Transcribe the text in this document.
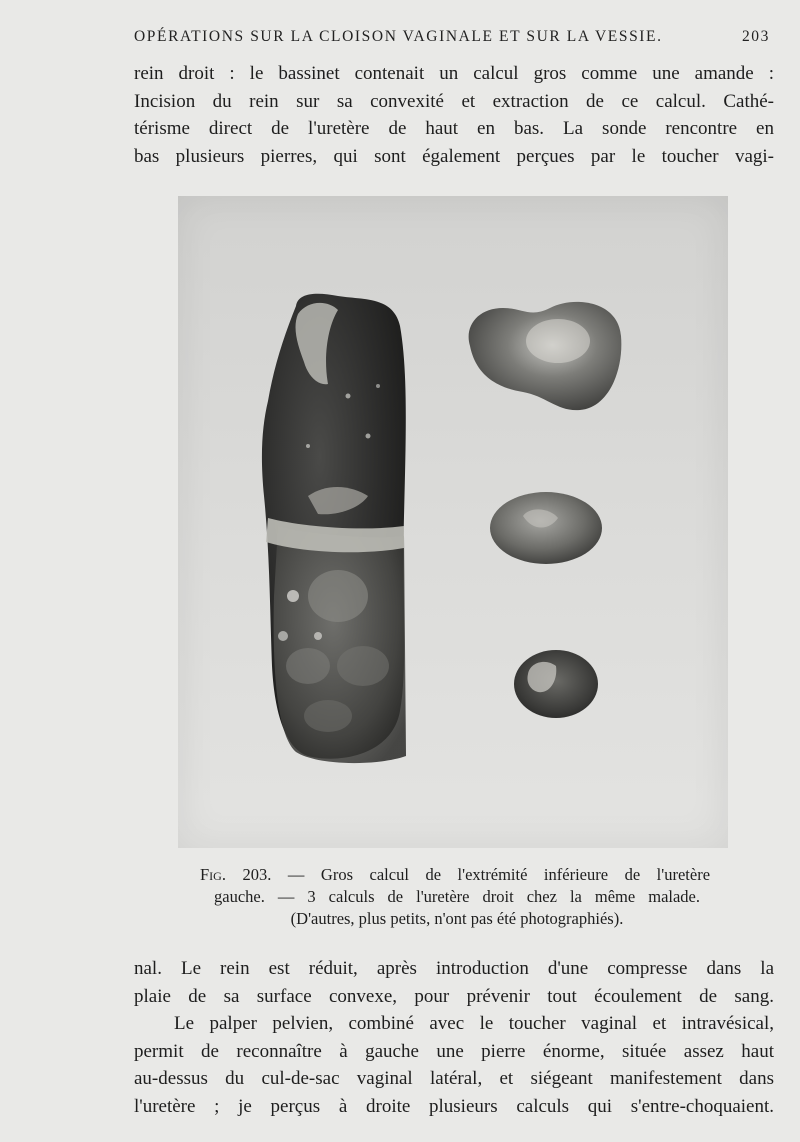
OPÉRATIONS SUR LA CLOISON VAGINALE ET SUR LA VESSIE.	203
rein droit : le bassinet contenait un calcul gros comme une amande :
Incision du rein sur sa convexité et extraction de ce calcul. Cathé-
térisme direct de l'uretère de haut en bas. La sonde rencontre en
bas plusieurs pierres, qui sont également perçues par le toucher vagi-
Fig. 203. — Gros calcul de l'extrémité inférieure de l'uretère
gauche. — 3 calculs de l'uretère droit chez la même malade.
(D'autres, plus petits, n'ont pas été photographiés).
nal. Le rein est réduit, après introduction d'une compresse dans la
plaie de sa surface convexe, pour prévenir tout écoulement de sang.
Le palper pelvien, combiné avec le toucher vaginal et intravésical,
permit de reconnaître à gauche une pierre énorme, située assez haut
au-dessus du cul-de-sac vaginal latéral, et siégeant manifestement dans
l'uretère ; je perçus à droite plusieurs calculs qui s'entre-choquaient.
